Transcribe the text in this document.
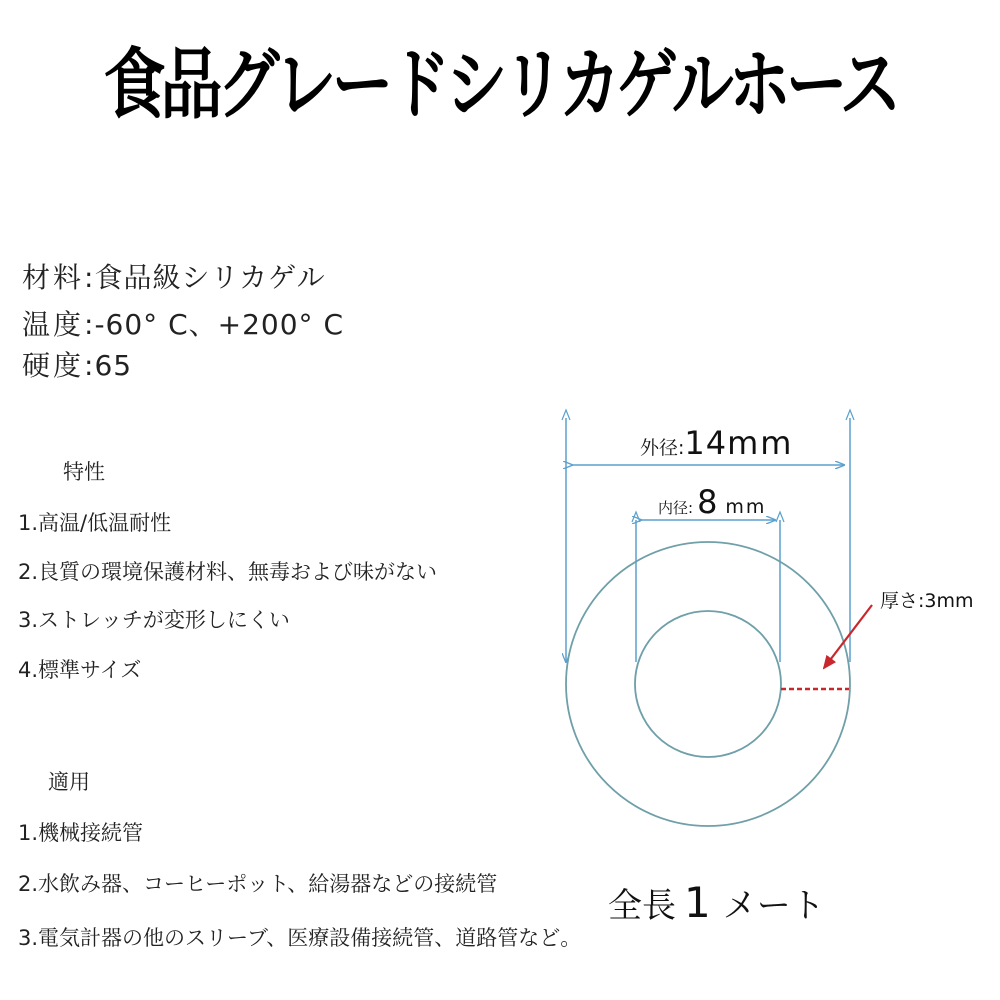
食品グレードシリカゲルホース
材料:食品級シリカゲル
温度:-60° C、+200° C
硬度:65
特性
1.高温/低温耐性
2.良質の環境保護材料、無毒および味がない
3.ストレッチが変形しにくい
4.標準サイズ
適用
1.機械接続管
2.水飲み器、コーヒーポット、給湯器などの接続管
3.電気計器の他のスリーブ、医療設備接続管、道路管など。
外径:14mm
内径: 8 mm
厚さ:3mm
全長 1 メート
